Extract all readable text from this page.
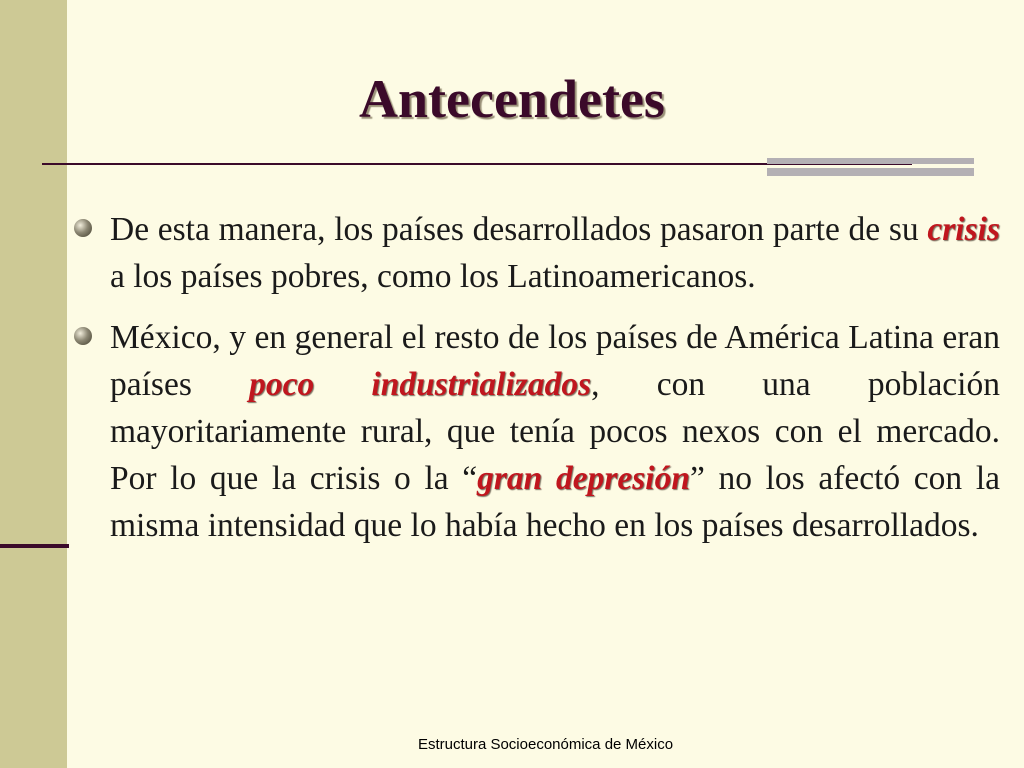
Antecendetes
De esta manera, los países desarrollados pasaron parte de su crisis a los países pobres, como los Latinoamericanos.
México, y en general el resto de los países de América Latina eran países poco industrializados, con una población mayoritariamente rural, que tenía pocos nexos con el mercado. Por lo que la crisis o la “gran depresión” no los afectó con la misma intensidad que lo había hecho en los países desarrollados.
Estructura Socioeconómica de México
